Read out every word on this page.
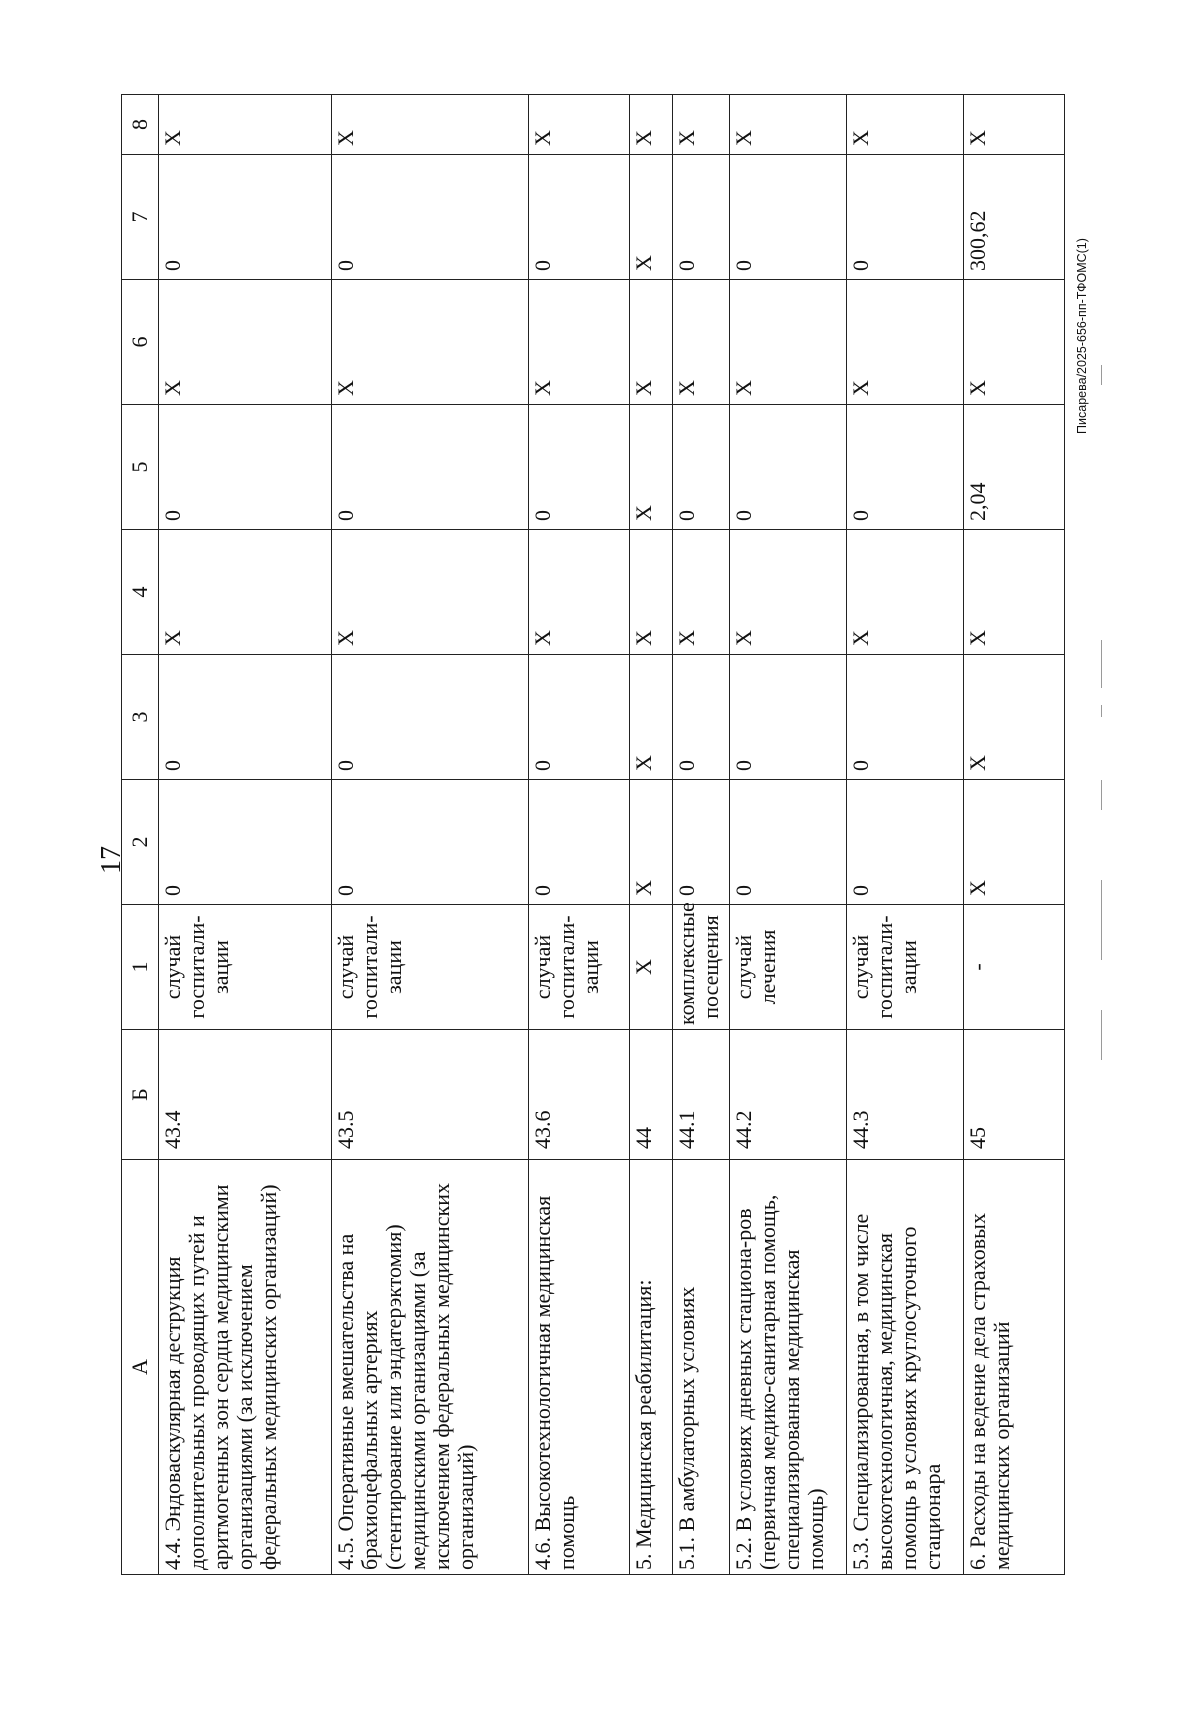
17
Писарева/2025-656-пп-ТФОМС(1)
А	Б	1	2	3	4	5	6	7	8
4.4. Эндоваскулярная деструкция дополнительных проводящих путей и аритмогенных зон сердца медицинскими организациями (за исключением федеральных медицинских организаций)	43.4	случай госпитали-зации	0	0	X	0	X	0	X
4.5. Оперативные вмешательства на брахиоцефальных артериях (стентирование или эндатерэктомия) медицинскими организациями (за исключением федеральных медицинских организаций)	43.5	случай госпитали-зации	0	0	X	0	X	0	X
4.6. Высокотехнологичная медицинская помощь	43.6	случай госпитали-зации	0	0	X	0	X	0	X
5. Медицинская реабилитация:	44	X	X	X	X	X	X	X	X
5.1. В амбулаторных условиях	44.1	комплексные посещения	0	0	X	0	X	0	X
5.2. В условиях дневных стациона-ров (первичная медико-санитарная помощь, специализированная медицинская помощь)	44.2	случай лечения	0	0	X	0	X	0	X
5.3. Специализированная, в том числе высокотехнологичная, медицинская помощь в условиях круглосуточного стационара	44.3	случай госпитали-зации	0	0	X	0	X	0	X
6. Расходы на ведение дела страховых медицинских организаций	45	-	X	X	X	2,04	X	300,62	X
